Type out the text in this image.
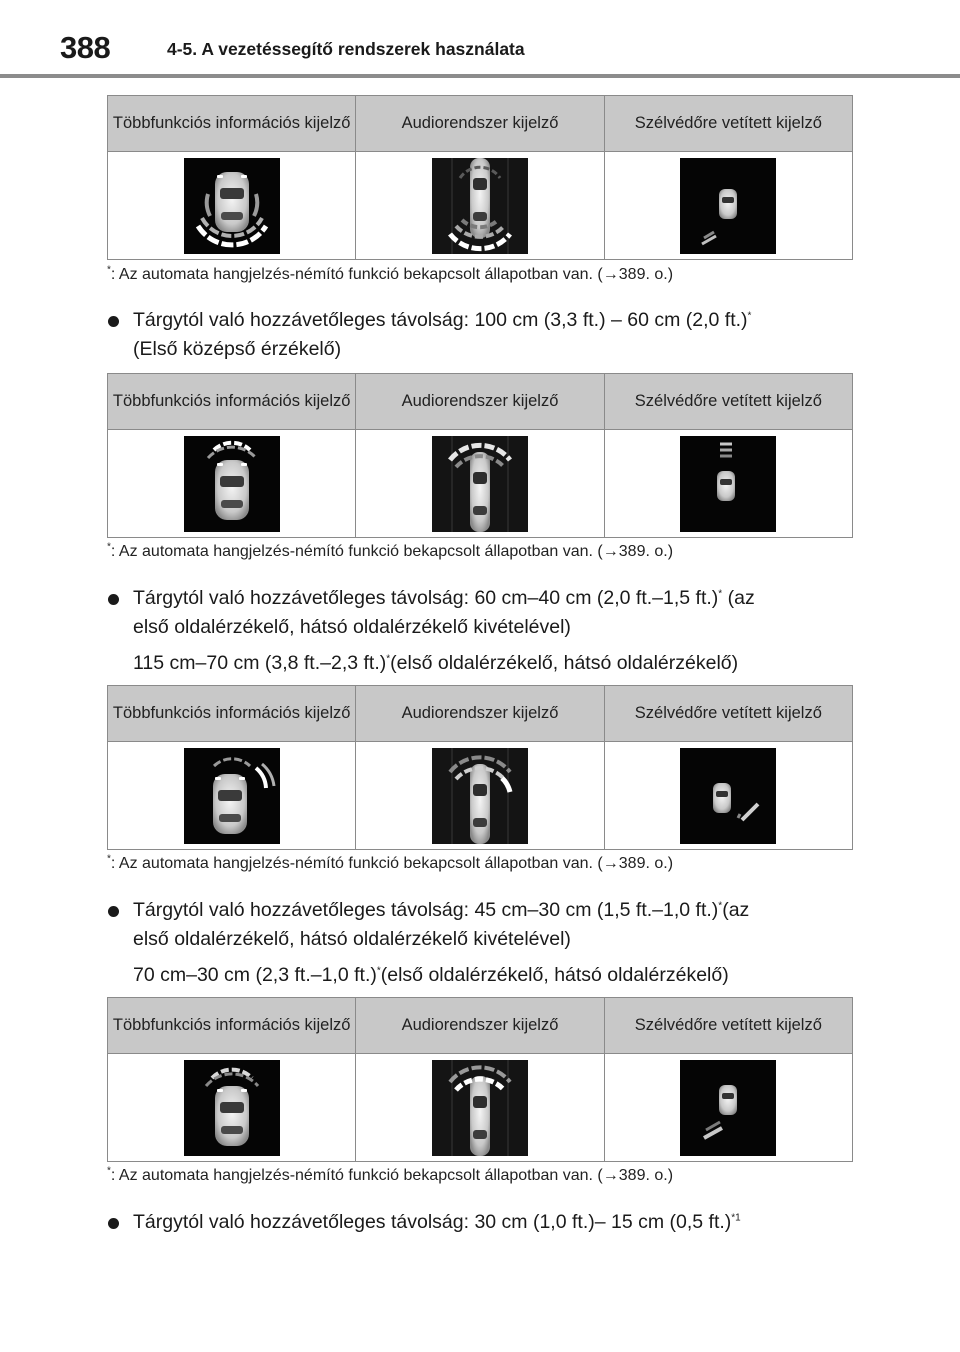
388	4-5. A vezetéssegítő rendszerek használata
Többfunkciós információs kijelző	Audiorendszer kijelző	Szélvédőre vetített kijelző

*: Az automata hangjelzés-némító funkció bekapcsolt állapotban van. (→389. o.)
Tárgytól való hozzávetőleges távolság: 100 cm (3,3 ft.) – 60 cm (2,0 ft.)*
(Első középső érzékelő)
Többfunkciós információs kijelző	Audiorendszer kijelző	Szélvédőre vetített kijelző

*: Az automata hangjelzés-némító funkció bekapcsolt állapotban van. (→389. o.)
Tárgytól való hozzávetőleges távolság: 60 cm–40 cm (2,0 ft.–1,5 ft.)* (az
első oldalérzékelő, hátsó oldalérzékelő kivételével)
115 cm–70 cm (3,8 ft.–2,3 ft.)*(első oldalérzékelő, hátsó oldalérzékelő)
Többfunkciós információs kijelző	Audiorendszer kijelző	Szélvédőre vetített kijelző

*: Az automata hangjelzés-némító funkció bekapcsolt állapotban van. (→389. o.)
Tárgytól való hozzávetőleges távolság: 45 cm–30 cm (1,5 ft.–1,0 ft.)*(az
első oldalérzékelő, hátsó oldalérzékelő kivételével)
70 cm–30 cm (2,3 ft.–1,0 ft.)*(első oldalérzékelő, hátsó oldalérzékelő)
Többfunkciós információs kijelző	Audiorendszer kijelző	Szélvédőre vetített kijelző

*: Az automata hangjelzés-némító funkció bekapcsolt állapotban van. (→389. o.)
Tárgytól való hozzávetőleges távolság: 30 cm (1,0 ft.)– 15 cm (0,5 ft.)$^{*1}$
